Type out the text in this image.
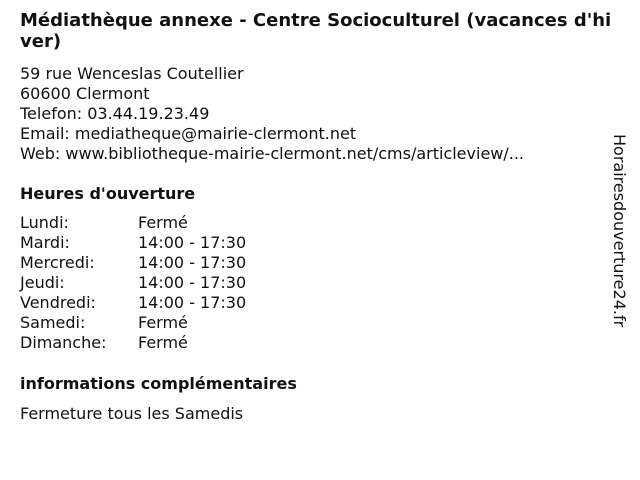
Médiathèque annexe - Centre Socioculturel (vacances d'hiver)
59 rue Wenceslas Coutellier
60600 Clermont
Telefon: 03.44.19.23.49
Email: mediatheque@mairie-clermont.net
Web: www.bibliotheque-mairie-clermont.net/cms/articleview/...
Heures d'ouverture
Lundi:	Fermé
Mardi:	14:00 - 17:30
Mercredi:	14:00 - 17:30
Jeudi:	14:00 - 17:30
Vendredi:	14:00 - 17:30
Samedi:	Fermé
Dimanche:	Fermé
informations complémentaires
Fermeture tous les Samedis
Horairesdouverture24.fr
